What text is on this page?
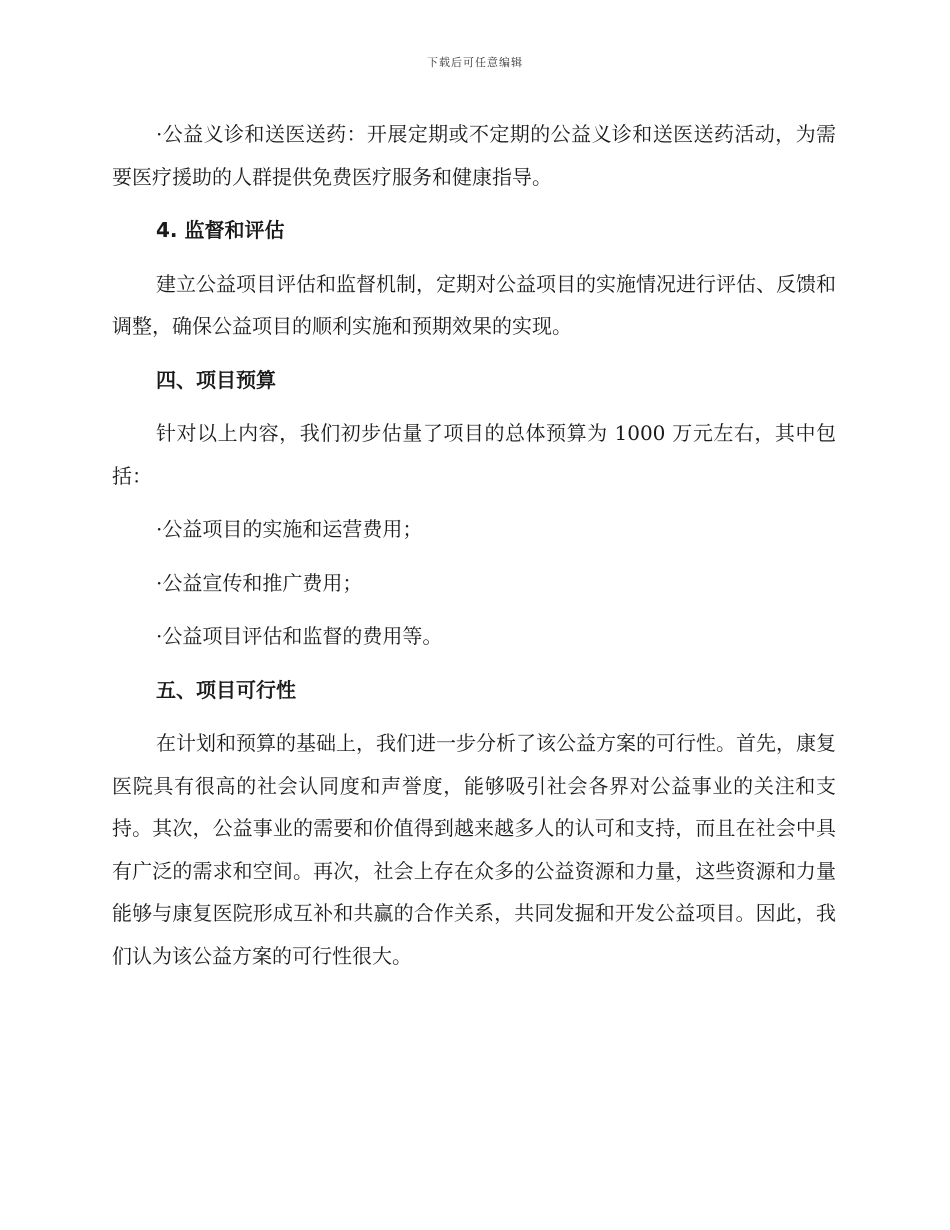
下载后可任意编辑

·公益义诊和送医送药：开展定期或不定期的公益义诊和送医送药活动，为需要医疗援助的人群提供免费医疗服务和健康指导。

4. 监督和评估

建立公益项目评估和监督机制，定期对公益项目的实施情况进行评估、反馈和调整，确保公益项目的顺利实施和预期效果的实现。

四、项目预算

针对以上内容，我们初步估量了项目的总体预算为 1000 万元左右，其中包括：

·公益项目的实施和运营费用；

·公益宣传和推广费用；

·公益项目评估和监督的费用等。

五、项目可行性

在计划和预算的基础上，我们进一步分析了该公益方案的可行性。首先，康复医院具有很高的社会认同度和声誉度，能够吸引社会各界对公益事业的关注和支持。其次，公益事业的需要和价值得到越来越多人的认可和支持，而且在社会中具有广泛的需求和空间。再次，社会上存在众多的公益资源和力量，这些资源和力量能够与康复医院形成互补和共赢的合作关系，共同发掘和开发公益项目。因此，我们认为该公益方案的可行性很大。
